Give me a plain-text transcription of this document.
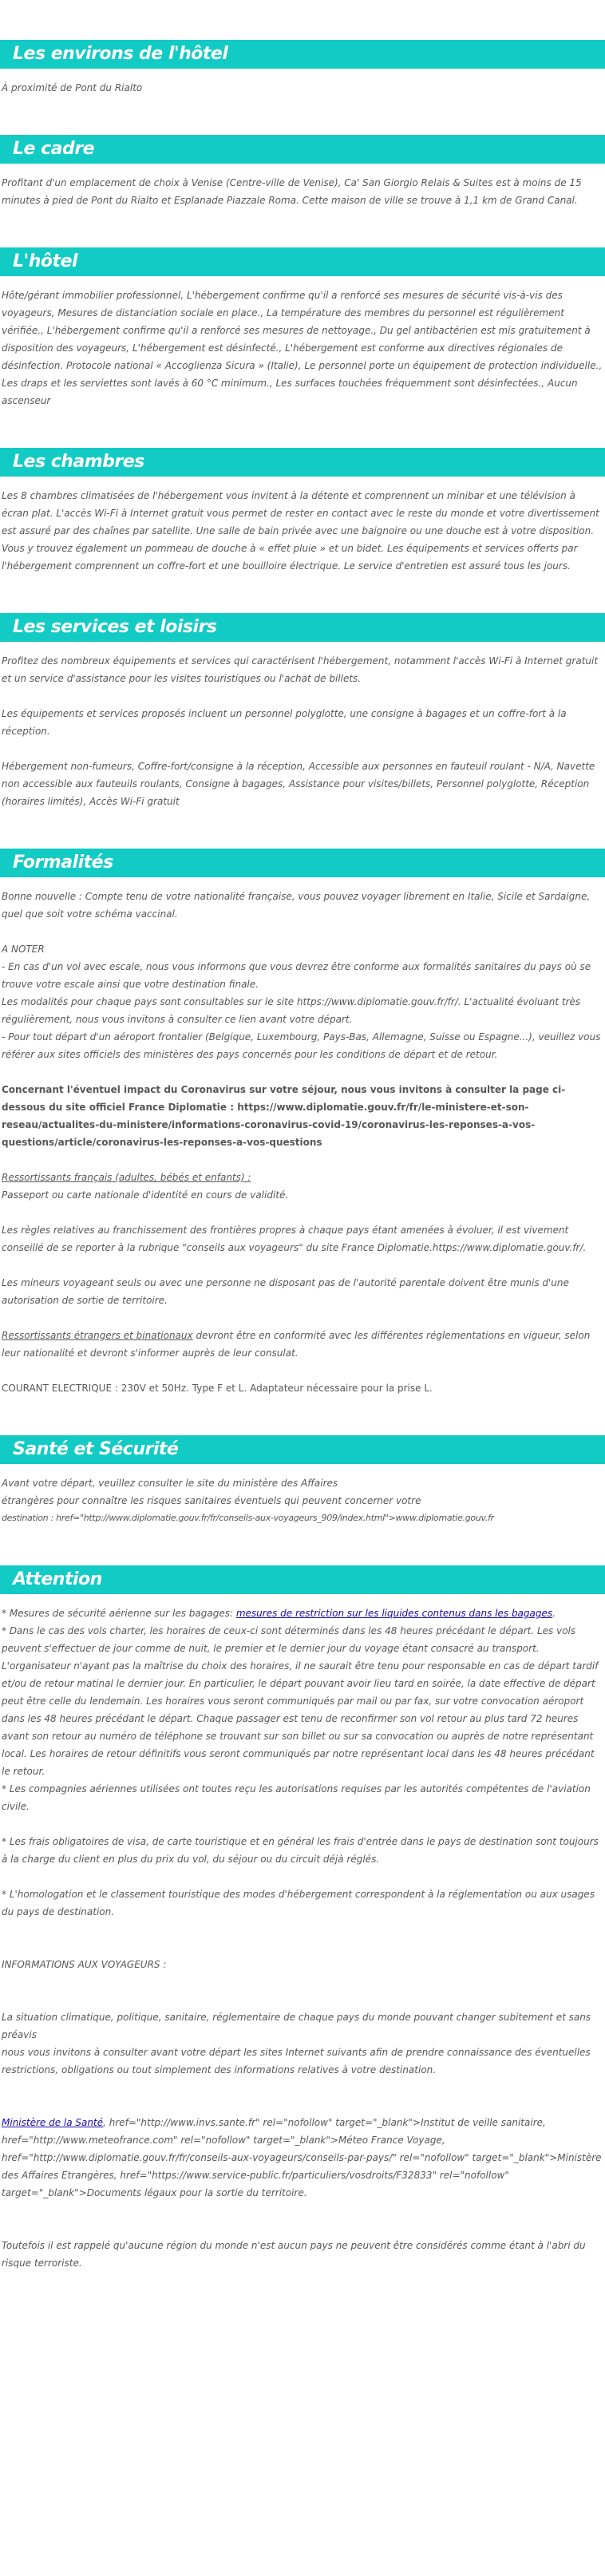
Les environs de l'hôtel

À proximité de Pont du Rialto

Le cadre

Profitant d'un emplacement de choix à Venise (Centre-ville de Venise), Ca' San Giorgio Relais & Suites est à moins de 15 minutes à pied de Pont du Rialto et Esplanade Piazzale Roma. Cette maison de ville se trouve à 1,1 km de Grand Canal.

L'hôtel

Hôte/gérant immobilier professionnel, L'hébergement confirme qu'il a renforcé ses mesures de sécurité vis-à-vis des voyageurs, Mesures de distanciation sociale en place., La température des membres du personnel est régulièrement vérifiée., L'hébergement confirme qu'il a renforcé ses mesures de nettoyage., Du gel antibactérien est mis gratuitement à disposition des voyageurs, L'hébergement est désinfecté., L'hébergement est conforme aux directives régionales de désinfection. Protocole national « Accoglienza Sicura » (Italie), Le personnel porte un équipement de protection individuelle., Les draps et les serviettes sont lavés à 60 °C minimum., Les surfaces touchées fréquemment sont désinfectées., Aucun ascenseur

Les chambres

Les 8 chambres climatisées de l'hébergement vous invitent à la détente et comprennent un minibar et une télévision à écran plat. L'accès Wi-Fi à Internet gratuit vous permet de rester en contact avec le reste du monde et votre divertissement est assuré par des chaînes par satellite. Une salle de bain privée avec une baignoire ou une douche est à votre disposition. Vous y trouvez également un pommeau de douche à « effet pluie » et un bidet. Les équipements et services offerts par l'hébergement comprennent un coffre-fort et une bouilloire électrique. Le service d'entretien est assuré tous les jours.

Les services et loisirs

Profitez des nombreux équipements et services qui caractérisent l'hébergement, notamment l'accès Wi-Fi à Internet gratuit et un service d'assistance pour les visites touristiques ou l'achat de billets.

Les équipements et services proposés incluent un personnel polyglotte, une consigne à bagages et un coffre-fort à la réception.

Hébergement non-fumeurs, Coffre-fort/consigne à la réception, Accessible aux personnes en fauteuil roulant - N/A, Navette non accessible aux fauteuils roulants, Consigne à bagages, Assistance pour visites/billets, Personnel polyglotte, Réception (horaires limités), Accès Wi-Fi gratuit

Formalités

Bonne nouvelle : Compte tenu de votre nationalité française, vous pouvez voyager librement en Italie, Sicile et Sardaigne, quel que soit votre schéma vaccinal.

A NOTER

- En cas d'un vol avec escale, nous vous informons que vous devrez être conforme aux formalités sanitaires du pays où se trouve votre escale ainsi que votre destination finale.

Les modalités pour chaque pays sont consultables sur le site https://www.diplomatie.gouv.fr/fr/. L'actualité évoluant très régulièrement, nous vous invitons à consulter ce lien avant votre départ.

- Pour tout départ d'un aéroport frontalier (Belgique, Luxembourg, Pays-Bas, Allemagne, Suisse ou Espagne...), veuillez vous référer aux sites officiels des ministères des pays concernés pour les conditions de départ et de retour.

Concernant l'éventuel impact du Coronavirus sur votre séjour, nous vous invitons à consulter la page ci-dessous du site officiel France Diplomatie : https://www.diplomatie.gouv.fr/fr/le-ministere-et-son-reseau/actualites-du-ministere/informations-coronavirus-covid-19/coronavirus-les-reponses-a-vos-questions/article/coronavirus-les-reponses-a-vos-questions

Ressortissants français (adultes, bébés et enfants) :

Passeport ou carte nationale d'identité en cours de validité.

Les règles relatives au franchissement des frontières propres à chaque pays étant amenées à évoluer, il est vivement conseillé de se reporter à la rubrique "conseils aux voyageurs" du site France Diplomatie.https://www.diplomatie.gouv.fr/.

Les mineurs voyageant seuls ou avec une personne ne disposant pas de l'autorité parentale doivent être munis d'une autorisation de sortie de territoire.

Ressortissants étrangers et binationaux devront être en conformité avec les différentes réglementations en vigueur, selon leur nationalité et devront s'informer auprès de leur consulat.

COURANT ELECTRIQUE : 230V et 50Hz. Type F et L. Adaptateur nécessaire pour la prise L.

Santé et Sécurité

Avant votre départ, veuillez consulter le site du ministère des Affaires

étrangères pour connaître les risques sanitaires éventuels qui peuvent concerner votre

destination : href="http://www.diplomatie.gouv.fr/fr/conseils-aux-voyageurs_909/index.html">www.diplomatie.gouv.fr

Attention

* Mesures de sécurité aérienne sur les bagages: mesures de restriction sur les liquides contenus dans les bagages.

* Dans le cas des vols charter, les horaires de ceux-ci sont déterminés dans les 48 heures précédant le départ. Les vols peuvent s'effectuer de jour comme de nuit, le premier et le dernier jour du voyage étant consacré au transport. L'organisateur n'ayant pas la maîtrise du choix des horaires, il ne saurait être tenu pour responsable en cas de départ tardif et/ou de retour matinal le dernier jour. En particulier, le départ pouvant avoir lieu tard en soirée, la date effective de départ peut être celle du lendemain. Les horaires vous seront communiqués par mail ou par fax, sur votre convocation aéroport dans les 48 heures précédant le départ. Chaque passager est tenu de reconfirmer son vol retour au plus tard 72 heures avant son retour au numéro de téléphone se trouvant sur son billet ou sur sa convocation ou auprès de notre représentant local. Les horaires de retour définitifs vous seront communiqués par notre représentant local dans les 48 heures précédant le retour.

* Les compagnies aériennes utilisées ont toutes reçu les autorisations requises par les autorités compétentes de l'aviation civile.

* Les frais obligatoires de visa, de carte touristique et en général les frais d'entrée dans le pays de destination sont toujours à la charge du client en plus du prix du vol, du séjour ou du circuit déjà réglés.

* L'homologation et le classement touristique des modes d'hébergement correspondent à la réglementation ou aux usages du pays de destination.

INFORMATIONS AUX VOYAGEURS :

La situation climatique, politique, sanitaire, réglementaire de chaque pays du monde pouvant changer subitement et sans préavis

nous vous invitons à consulter avant votre départ les sites Internet suivants afin de prendre connaissance des éventuelles restrictions, obligations ou tout simplement des informations relatives à votre destination.

Ministère de la Santé, href="http://www.invs.sante.fr" rel="nofollow" target="_blank">Institut de veille sanitaire, href="http://www.meteofrance.com" rel="nofollow" target="_blank">Méteo France Voyage, href="http://www.diplomatie.gouv.fr/fr/conseils-aux-voyageurs/conseils-par-pays/" rel="nofollow" target="_blank">Ministère des Affaires Etrangères, href="https://www.service-public.fr/particuliers/vosdroits/F32833" rel="nofollow" target="_blank">Documents légaux pour la sortie du territoire.

Toutefois il est rappelé qu'aucune région du monde n'est aucun pays ne peuvent être considérés comme étant à l'abri du risque terroriste.
